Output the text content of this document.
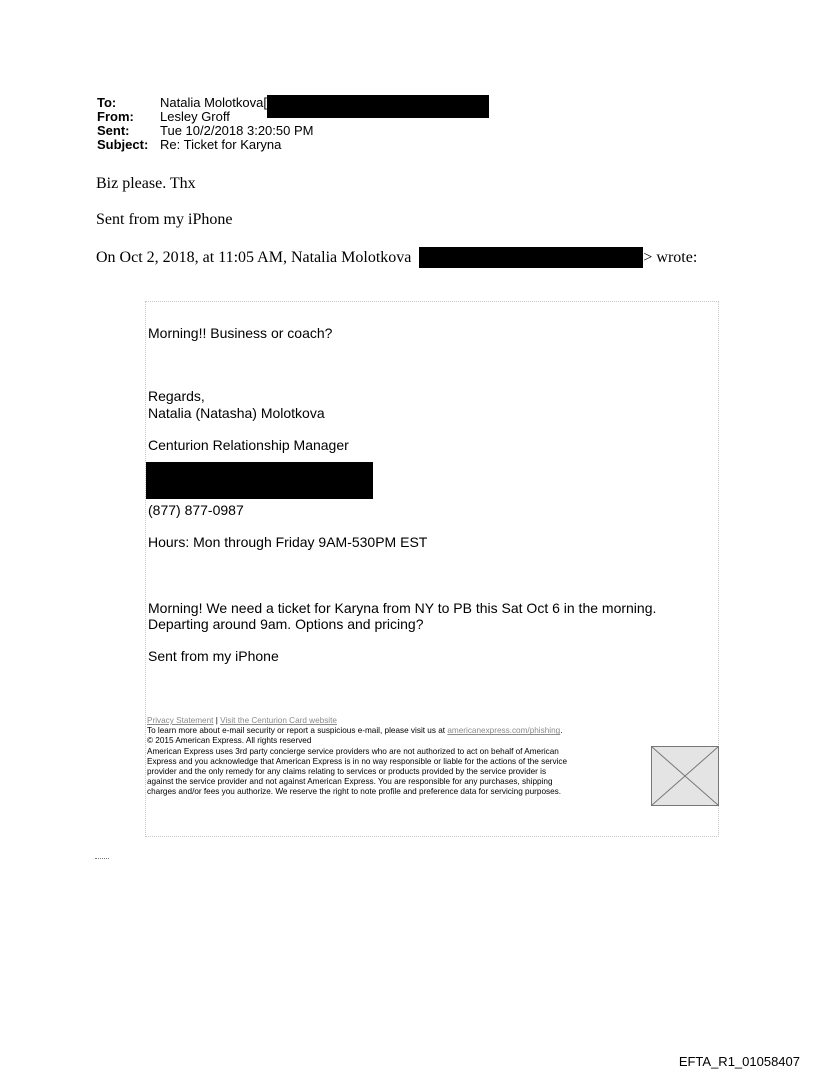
To:	Natalia Molotkova[
From:	Lesley Groff
Sent:	Tue 10/2/2018 3:20:50 PM
Subject: Re: Ticket for Karyna
Biz please. Thx
Sent from my iPhone
On Oct 2, 2018, at 11:05 AM, Natalia Molotkova	> wrote:
Morning!! Business or coach?
Regards,
Natalia (Natasha) Molotkova
Centurion Relationship Manager
(877) 877-0987
Hours: Mon through Friday 9AM-530PM EST
Morning! We need a ticket for Karyna from NY to PB this Sat Oct 6 in the morning.
Departing around 9am. Options and pricing?
Sent from my iPhone
Privacy Statement | Visit the Centurion Card website
To learn more about e-mail security or report a suspicious e-mail, please visit us at americanexpress.com/phishing.
© 2015 American Express. All rights reserved
American Express uses 3rd party concierge service providers who are not authorized to act on behalf of American
Express and you acknowledge that American Express is in no way responsible or liable for the actions of the service
provider and the only remedy for any claims relating to services or products provided by the service provider is
against the service provider and not against American Express. You are responsible for any purchases, shipping
charges and/or fees you authorize. We reserve the right to note profile and preference data for servicing purposes.
EFTA_R1_01058407
